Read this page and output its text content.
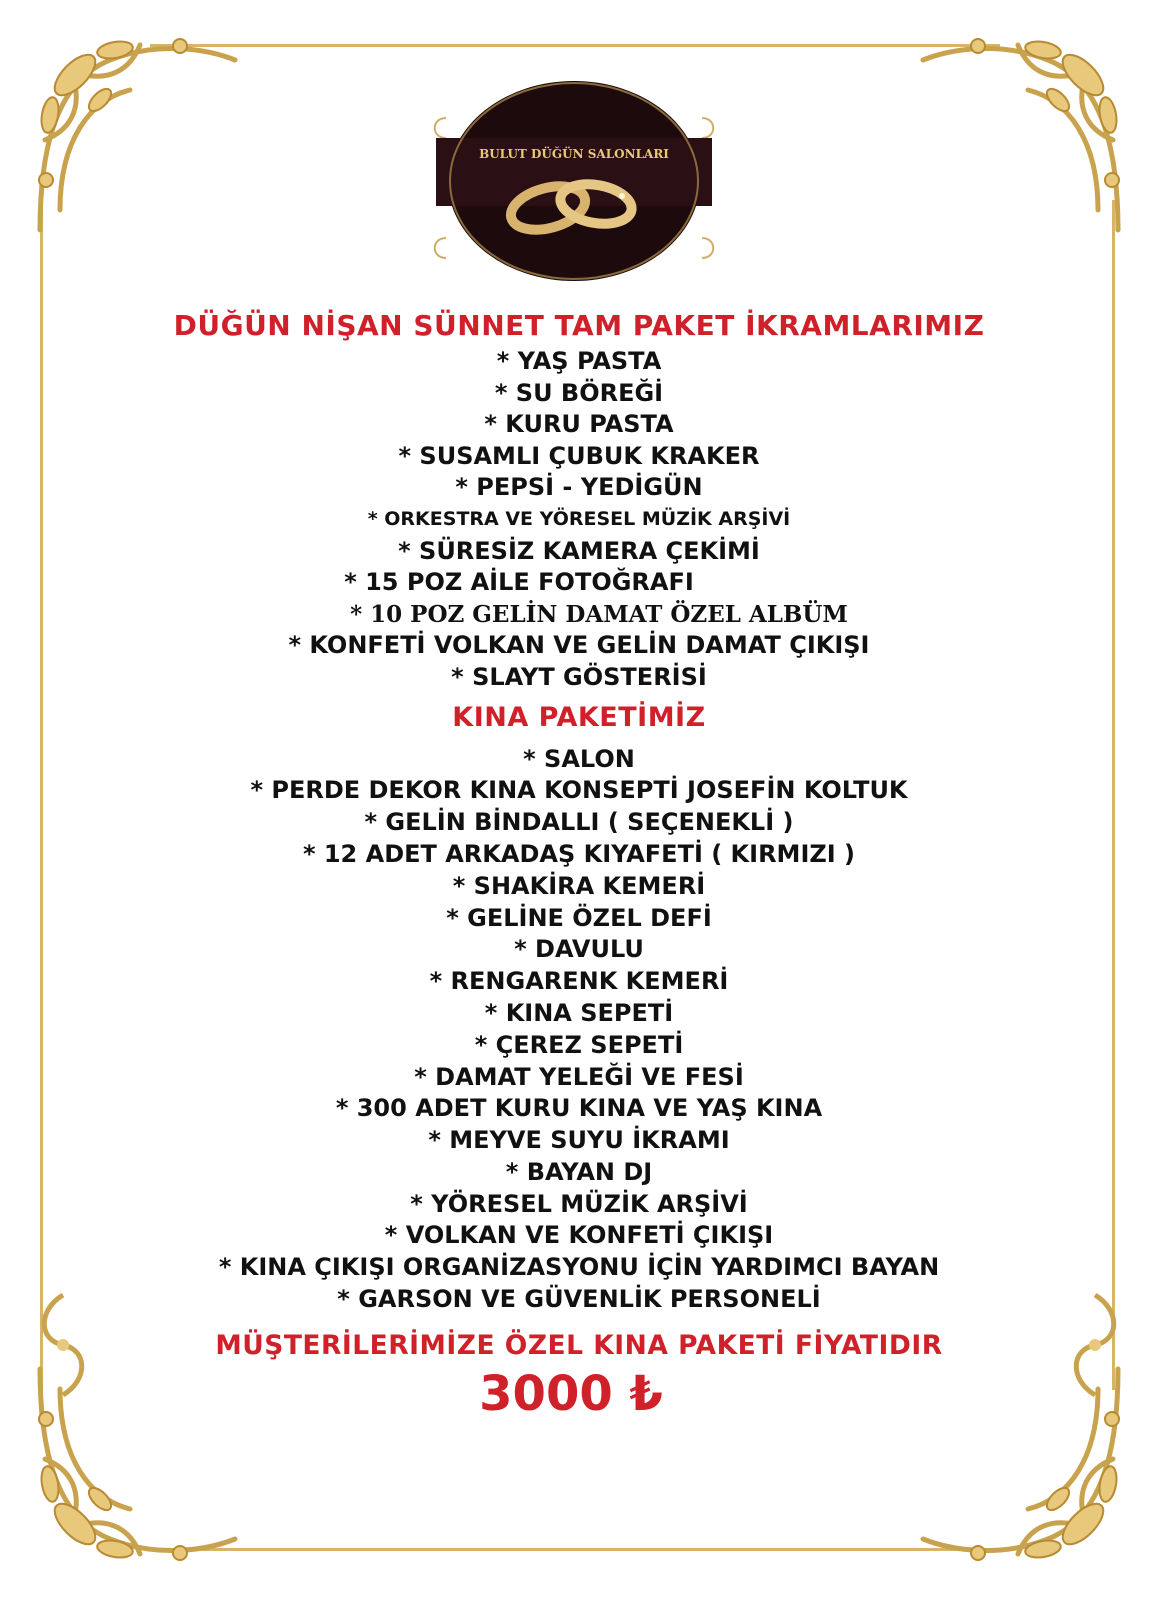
BULUT DÜĞÜN SALONLARI
DÜĞÜN NİŞAN SÜNNET TAM PAKET İKRAMLARIMIZ
* YAŞ PASTA
* SU BÖREĞİ
* KURU PASTA
* SUSAMLI ÇUBUK KRAKER
* PEPSİ - YEDİGÜN
* ORKESTRA VE YÖRESEL MÜZİK ARŞİVİ
* SÜRESİZ KAMERA ÇEKİMİ
* 15 POZ AİLE FOTOĞRAFI
* 10 POZ GELİN DAMAT ÖZEL ALBÜM
* KONFETİ VOLKAN VE GELİN DAMAT ÇIKIŞI
* SLAYT GÖSTERİSİ
KINA PAKETİMİZ
* SALON
* PERDE DEKOR KINA KONSEPTİ JOSEFİN KOLTUK
* GELİN BİNDALLI ( SEÇENEKLİ )
* 12 ADET ARKADAŞ KIYAFETİ ( KIRMIZI )
* SHAKİRA KEMERİ
* GELİNE ÖZEL DEFİ
* DAVULU
* RENGARENK KEMERİ
* KINA SEPETİ
* ÇEREZ SEPETİ
* DAMAT YELEĞİ VE FESİ
* 300 ADET KURU KINA VE YAŞ KINA
* MEYVE SUYU İKRAMI
* BAYAN DJ
* YÖRESEL MÜZİK ARŞİVİ
* VOLKAN VE KONFETİ ÇIKIŞI
* KINA ÇIKIŞI ORGANİZASYONU İÇİN YARDIMCI BAYAN
* GARSON VE GÜVENLİK PERSONELİ
MÜŞTERİLERİMİZE ÖZEL KINA PAKETİ FİYATIDIR
3000 ₺
